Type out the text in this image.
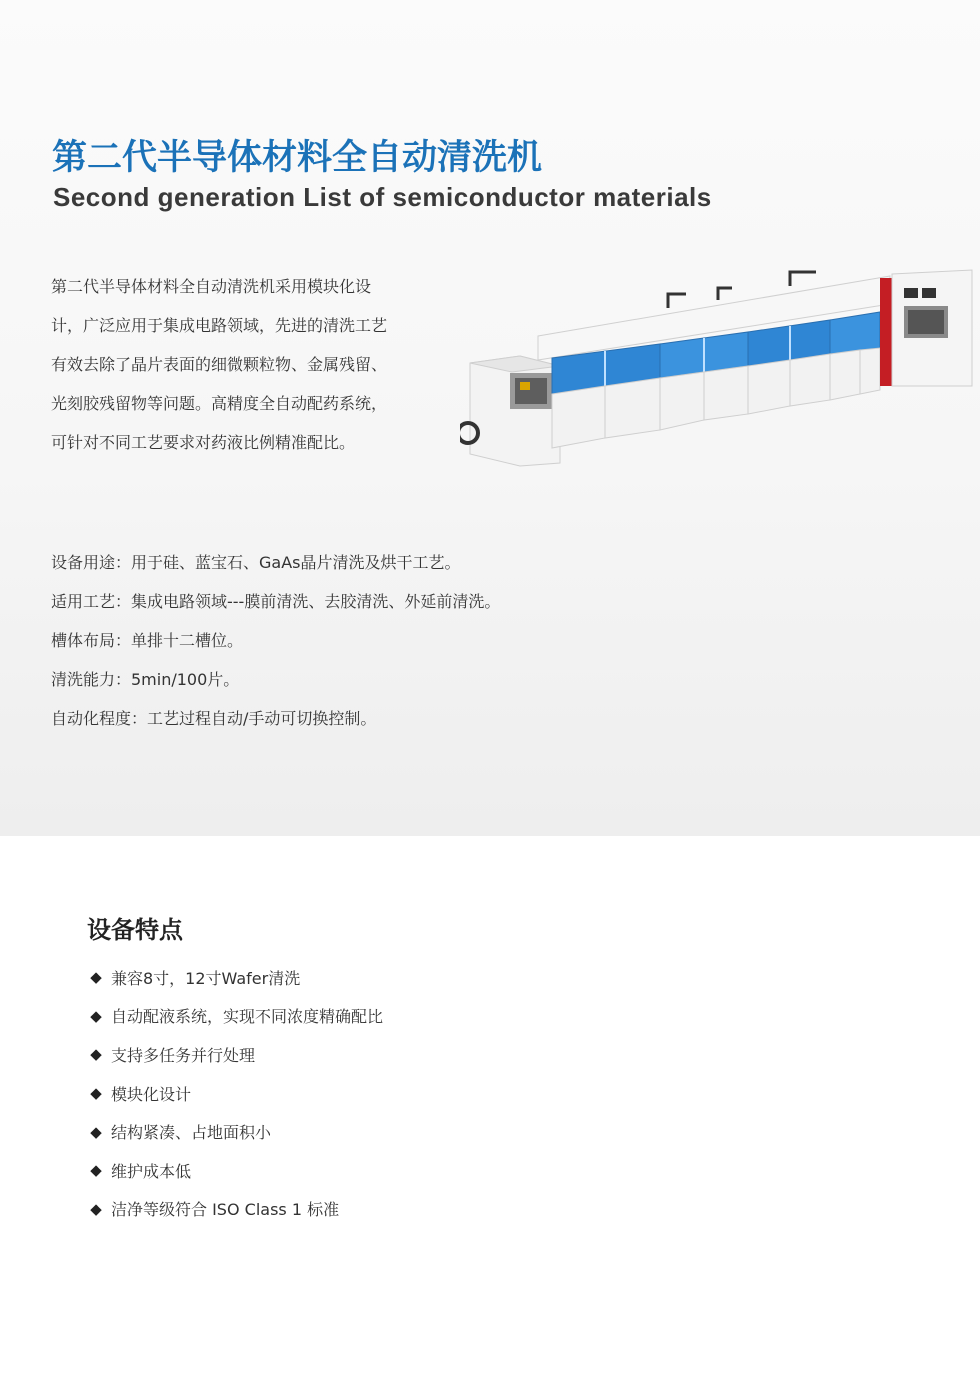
第二代半导体材料全自动清洗机
Second generation List of semiconductor materials
第二代半导体材料全自动清洗机采用模块化设
计，广泛应用于集成电路领域，先进的清洗工艺
有效去除了晶片表面的细微颗粒物、金属残留、
光刻胶残留物等问题。高精度全自动配药系统，
可针对不同工艺要求对药液比例精准配比。
设备用途：用于硅、蓝宝石、GaAs晶片清洗及烘干工艺。
适用工艺：集成电路领域---膜前清洗、去胶清洗、外延前清洗。
槽体布局：单排十二槽位。
清洗能力：5min/100片。
自动化程度：工艺过程自动/手动可切换控制。
设备特点
◆ 兼容8寸，12寸Wafer清洗
◆ 自动配液系统，实现不同浓度精确配比
◆ 支持多任务并行处理
◆ 模块化设计
◆ 结构紧凑、占地面积小
◆ 维护成本低
◆ 洁净等级符合 ISO Class 1 标准
